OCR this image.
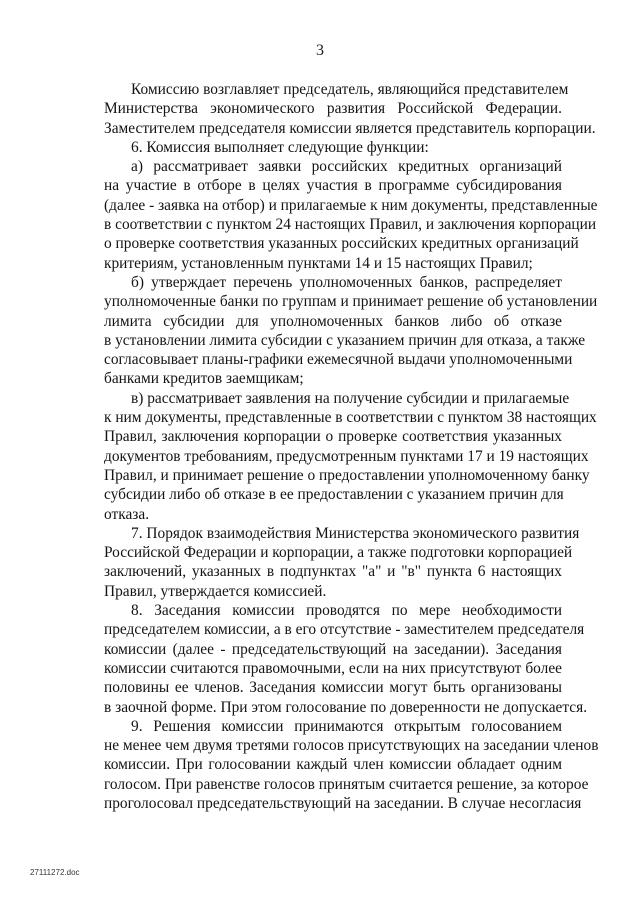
3
Комиссию возглавляет председатель, являющийся представителем
Министерства экономического развития Российской Федерации.
Заместителем председателя комиссии является представитель корпорации.
6. Комиссия выполняет следующие функции:
а) рассматривает заявки российских кредитных организаций
на участие в отборе в целях участия в программе субсидирования
(далее - заявка на отбор) и прилагаемые к ним документы, представленные
в соответствии с пунктом 24 настоящих Правил, и заключения корпорации
о проверке соответствия указанных российских кредитных организаций
критериям, установленным пунктами 14 и 15 настоящих Правил;
б) утверждает перечень уполномоченных банков, распределяет
уполномоченные банки по группам и принимает решение об установлении
лимита субсидии для уполномоченных банков либо об отказе
в установлении лимита субсидии с указанием причин для отказа, а также
согласовывает планы-графики ежемесячной выдачи уполномоченными
банками кредитов заемщикам;
в) рассматривает заявления на получение субсидии и прилагаемые
к ним документы, представленные в соответствии с пунктом 38 настоящих
Правил, заключения корпорации о проверке соответствия указанных
документов требованиям, предусмотренным пунктами 17 и 19 настоящих
Правил, и принимает решение о предоставлении уполномоченному банку
субсидии либо об отказе в ее предоставлении с указанием причин для
отказа.
7. Порядок взаимодействия Министерства экономического развития
Российской Федерации и корпорации, а также подготовки корпорацией
заключений, указанных в подпунктах "а" и "в" пункта 6 настоящих
Правил, утверждается комиссией.
8. Заседания комиссии проводятся по мере необходимости
председателем комиссии, а в его отсутствие - заместителем председателя
комиссии (далее - председательствующий на заседании). Заседания
комиссии считаются правомочными, если на них присутствуют более
половины ее членов. Заседания комиссии могут быть организованы
в заочной форме. При этом голосование по доверенности не допускается.
9. Решения комиссии принимаются открытым голосованием
не менее чем двумя третями голосов присутствующих на заседании членов
комиссии. При голосовании каждый член комиссии обладает одним
голосом. При равенстве голосов принятым считается решение, за которое
проголосовал председательствующий на заседании. В случае несогласия
27111272.doc
